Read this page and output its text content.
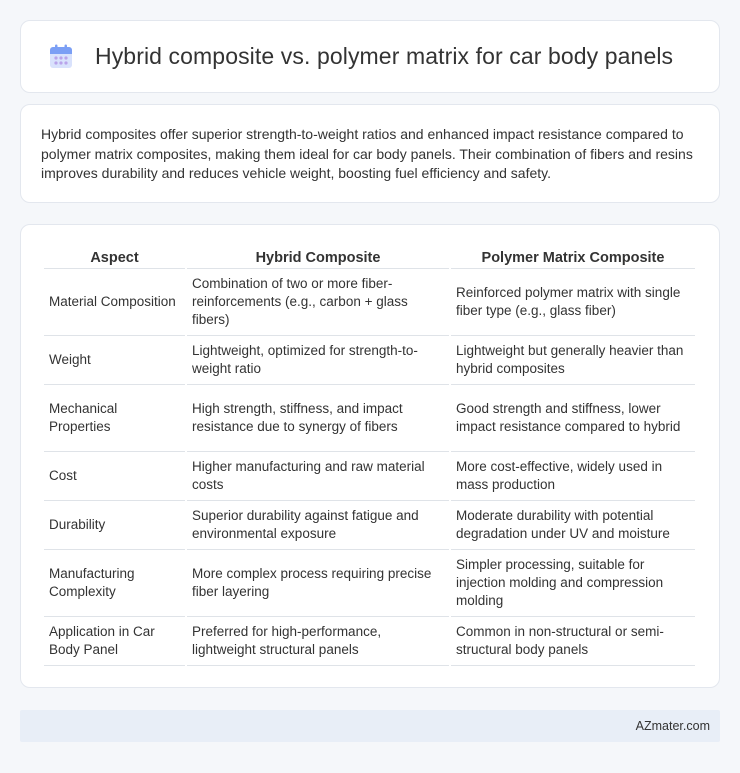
Hybrid composite vs. polymer matrix for car body panels

Hybrid composites offer superior strength-to-weight ratios and enhanced impact resistance compared to polymer matrix composites, making them ideal for car body panels. Their combination of fibers and resins improves durability and reduces vehicle weight, boosting fuel efficiency and safety.

Aspect	Hybrid Composite	Polymer Matrix Composite
Material Composition	Combination of two or more fiber-reinforcements (e.g., carbon + glass fibers)	Reinforced polymer matrix with single fiber type (e.g., glass fiber)
Weight	Lightweight, optimized for strength-to-weight ratio	Lightweight but generally heavier than hybrid composites
Mechanical Properties	High strength, stiffness, and impact resistance due to synergy of fibers	Good strength and stiffness, lower impact resistance compared to hybrid
Cost	Higher manufacturing and raw material costs	More cost-effective, widely used in mass production
Durability	Superior durability against fatigue and environmental exposure	Moderate durability with potential degradation under UV and moisture
Manufacturing Complexity	More complex process requiring precise fiber layering	Simpler processing, suitable for injection molding and compression molding
Application in Car Body Panel	Preferred for high-performance, lightweight structural panels	Common in non-structural or semi-structural body panels
AZmater.com
